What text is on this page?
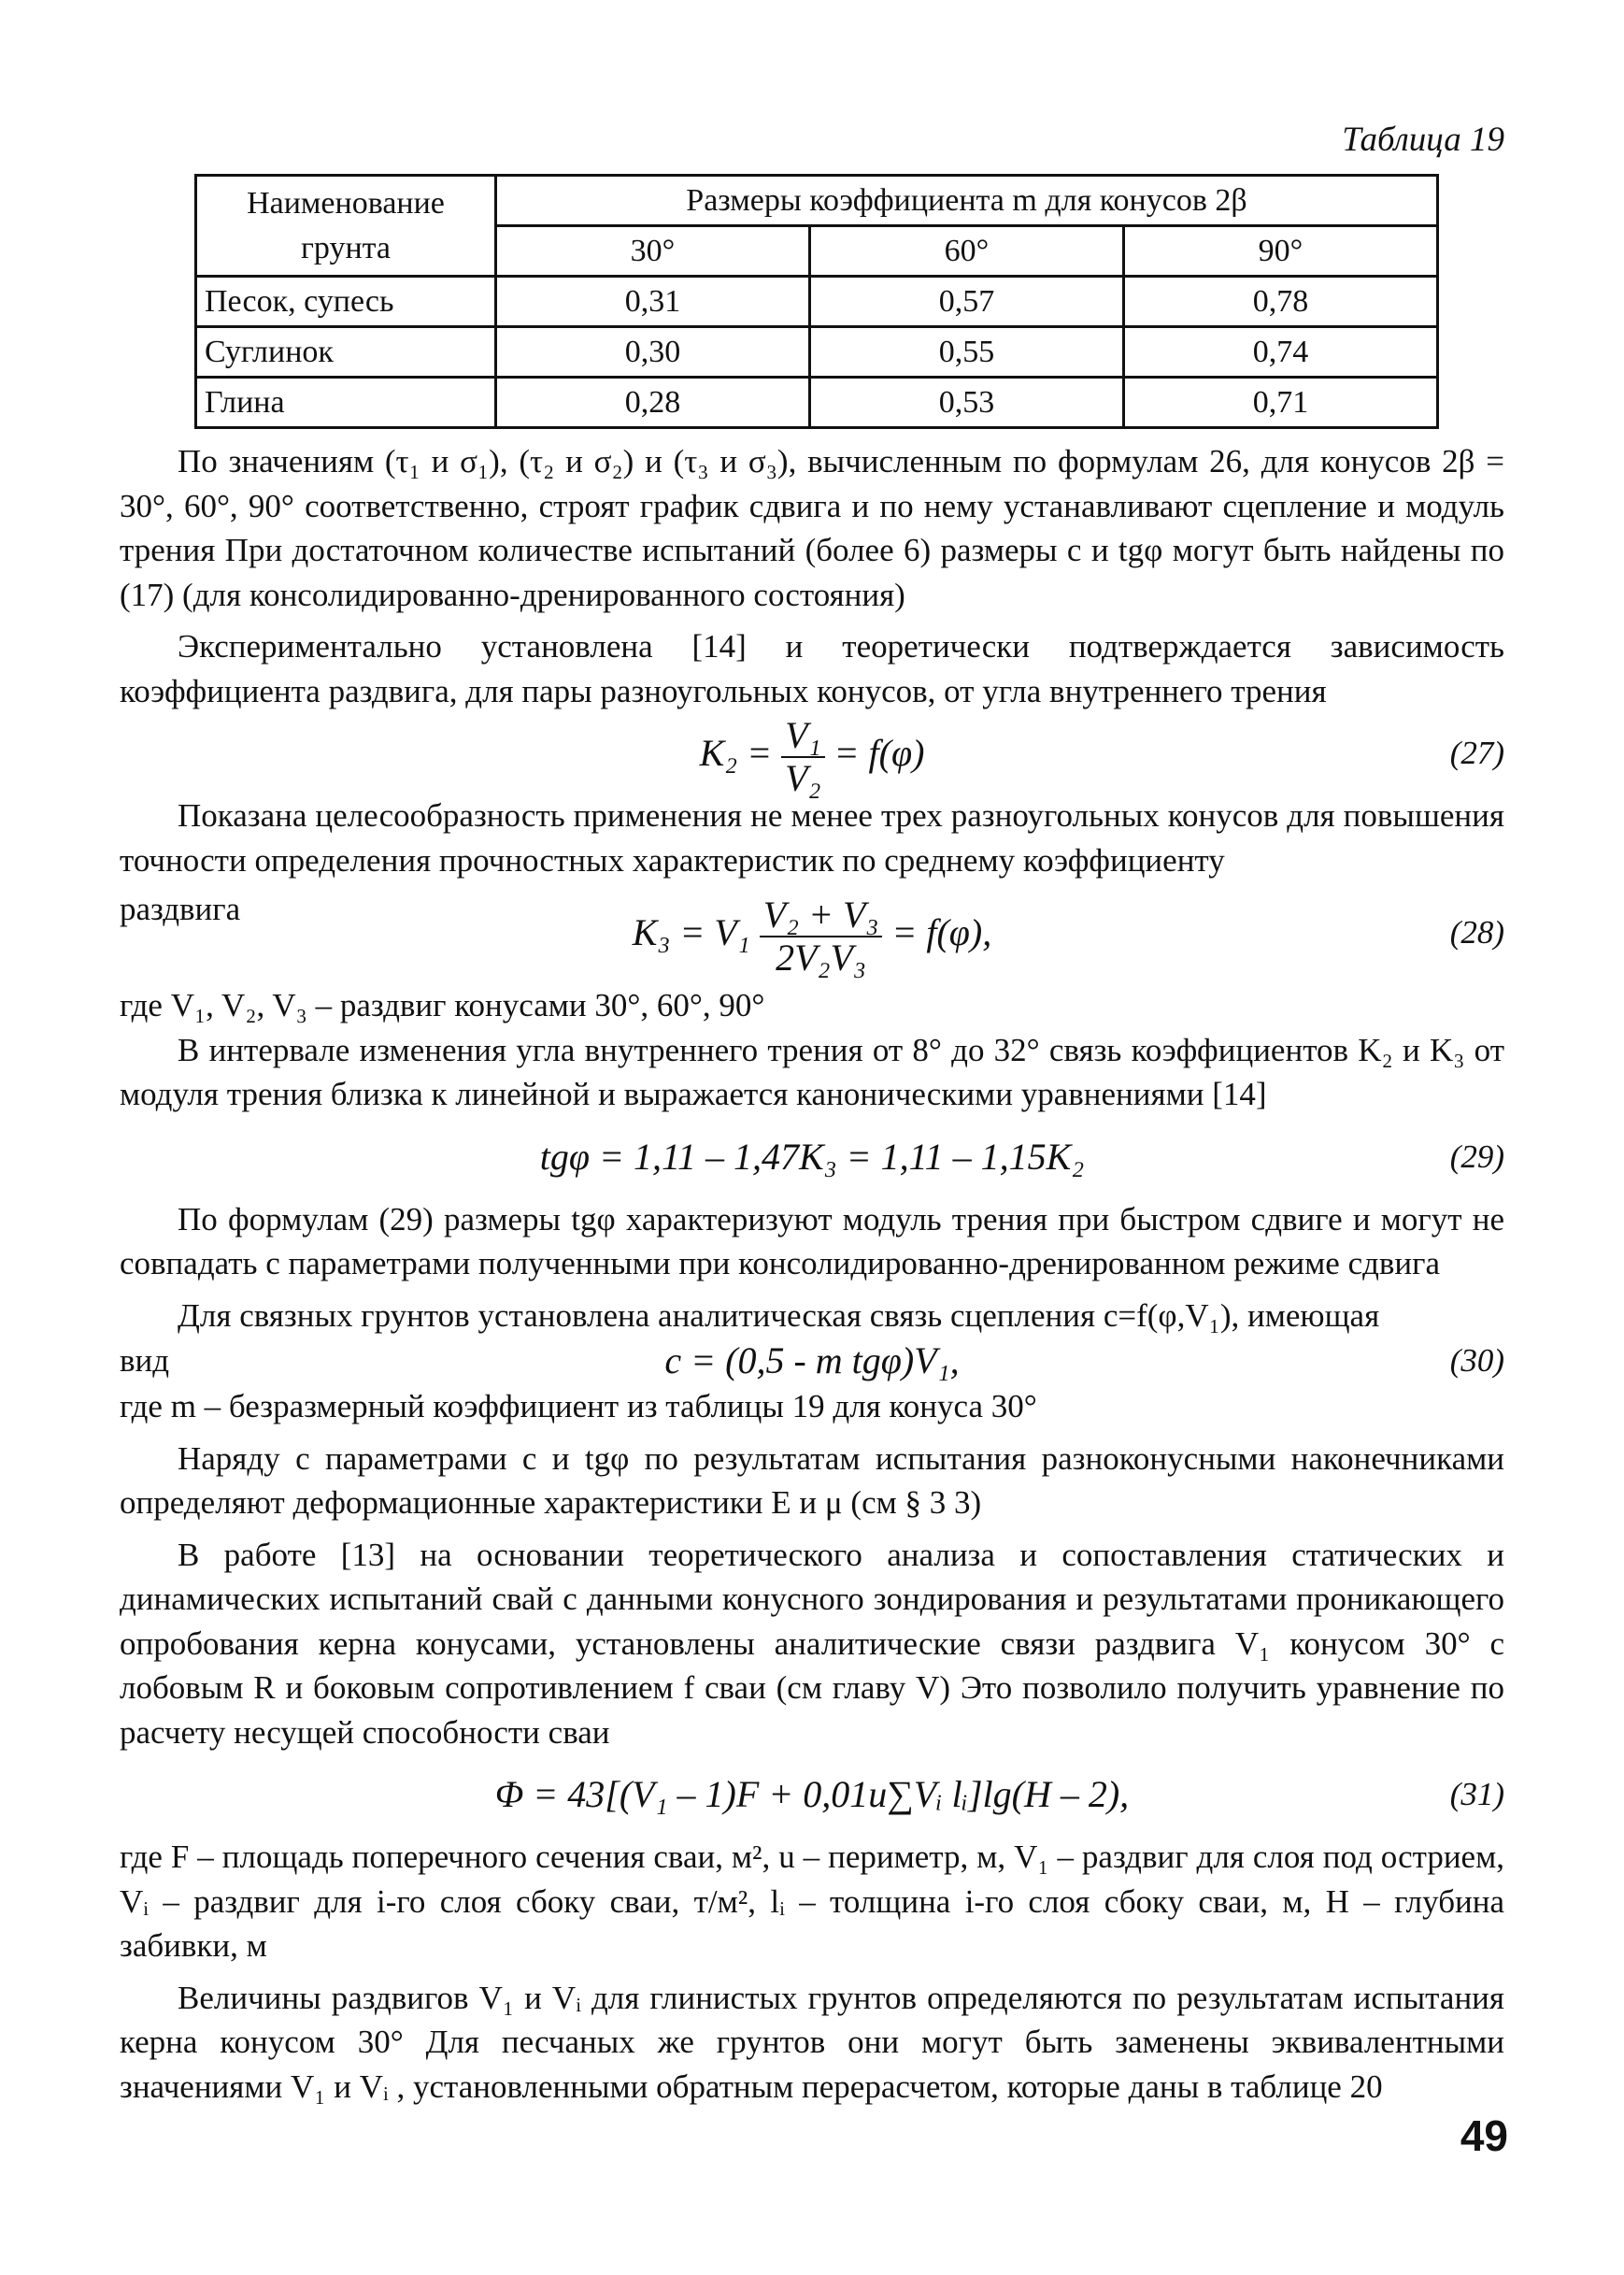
Таблица 19
Наименование
грунта	Размеры коэффициента m для конусов 2β		
	30°	60°	90°
Песок, супесь	0,31	0,57	0,78
Суглинок	0,30	0,55	0,74
Глина	0,28	0,53	0,71

По значениям (τ₁ и σ₁), (τ₂ и σ₂) и (τ₃ и σ₃), вычисленным по формулам 26, для конусов 2β = 30°, 60°, 90° соответственно, строят график сдвига и по нему устанавливают сцепление и модуль трения При достаточном количестве испытаний (более 6) размеры c и tgφ могут быть найдены по (17) (для консолидированно-дренированного состояния)

Экспериментально установлена [14] и теоретически подтверждается зависимость коэффициента раздвига, для пары разноугольных конусов, от угла внутреннего трения

$K_2 = \frac{\text{V₁}}{\text{V₂}} = f(\varphi)$	(27)

Показана целесообразность применения не менее трех разноугольных конусов для повышения точности определения прочностных характеристик по среднему коэффициенту

раздвига
$K_3 = V_1 \frac{\text{V₂ + V₃}}{\text{2V₂V₃}} = f(\varphi)$,	(28)

где V₁, V₂, V₃ – раздвиг конусами 30°, 60°, 90°

В интервале изменения угла внутреннего трения от 8° до 32° связь коэффициентов K₂ и K₃ от модуля трения близка к линейной и выражается каноническими уравнениями [14]

tgφ = 1,11 – 1,47K₃ = 1,11 – 1,15K₂	(29)

По формулам (29) размеры tgφ характеризуют модуль трения при быстром сдвиге и могут не совпадать с параметрами полученными при консолидированно-дренированном режиме сдвига

Для связных грунтов установлена аналитическая связь сцепления c=f(φ,V₁), имеющая

вид	c = (0,5 - m tgφ)V₁,	(30)

где m – безразмерный коэффициент из таблицы 19 для конуса 30°

Наряду с параметрами c и tgφ по результатам испытания разноконусными наконечниками определяют деформационные характеристики E и μ (см § 3 3)

В работе [13] на основании теоретического анализа и сопоставления статических и динамических испытаний свай с данными конусного зондирования и результатами проникающего опробования керна конусами, установлены аналитические связи раздвига V₁ конусом 30° с лобовым R и боковым сопротивлением f сваи (см главу V) Это позволило получить уравнение по расчету несущей способности сваи

Φ = 43[(V₁ – 1)F + 0,01u∑Vᵢ lᵢ]lg(H – 2),	(31)

где F – площадь поперечного сечения сваи, м², u – периметр, м, V₁ – раздвиг для слоя под острием, Vᵢ – раздвиг для i-го слоя сбоку сваи, т/м², lᵢ – толщина i-го слоя сбоку сваи, м, H – глубина забивки, м

Величины раздвигов V₁ и Vᵢ для глинистых грунтов определяются по результатам испытания керна конусом 30° Для песчаных же грунтов они могут быть заменены эквивалентными значениями V₁ и Vᵢ , установленными обратным перерасчетом, которые даны в таблице 20

49
